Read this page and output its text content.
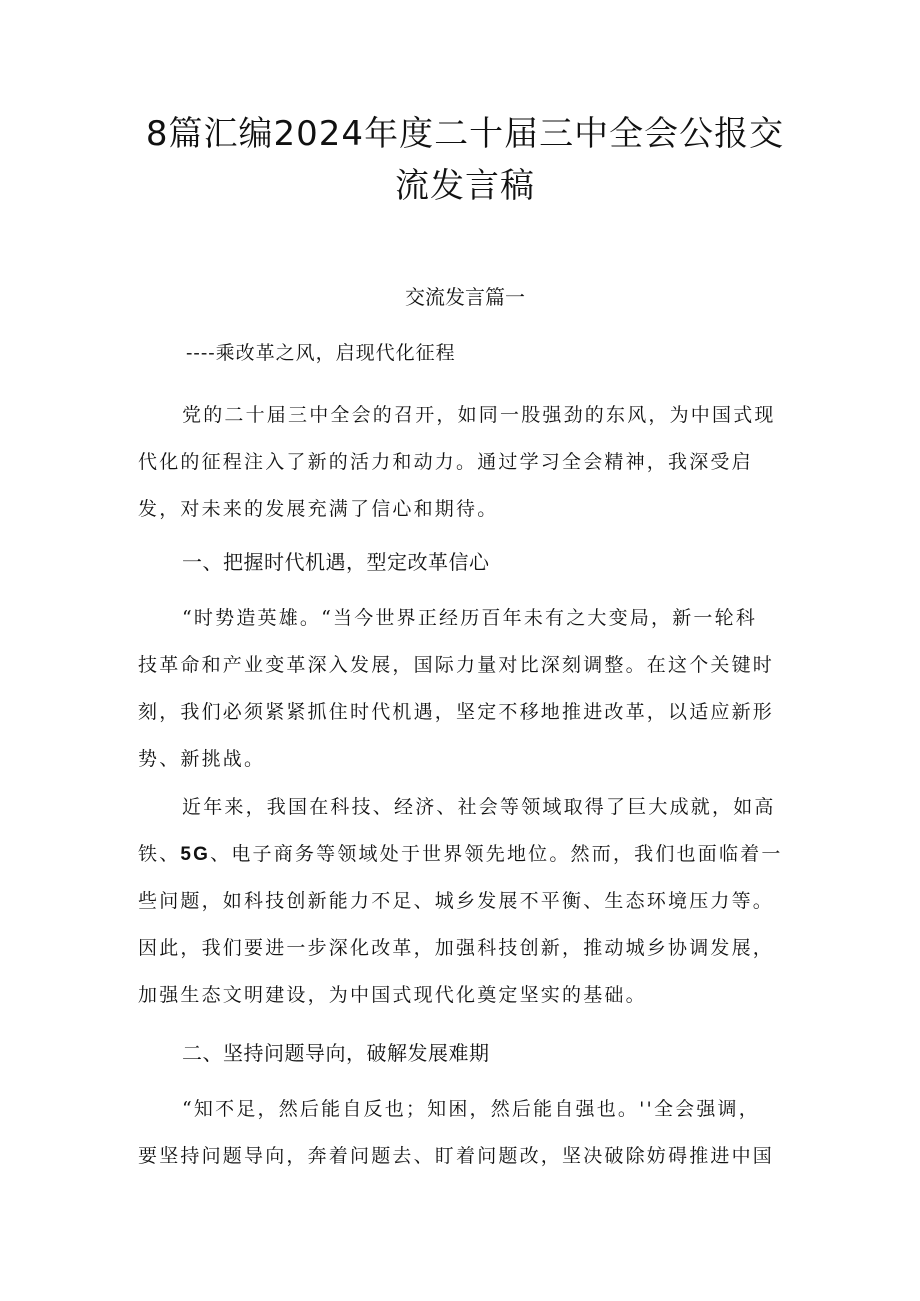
8篇汇编2024年度二十届三中全会公报交
流发言稿
交流发言篇一

----乘改革之风，启现代化征程

党的二十届三中全会的召开，如同一股强劲的东风，为中国式现
代化的征程注入了新的活力和动力。通过学习全会精神，我深受启
发，对未来的发展充满了信心和期待。

一、把握时代机遇，型定改革信心

“时势造英雄。“当今世界正经历百年未有之大变局，新一轮科
技革命和产业变革深入发展，国际力量对比深刻调整。在这个关键时
刻，我们必须紧紧抓住时代机遇，坚定不移地推进改革，以适应新形
势、新挑战。

近年来，我国在科技、经济、社会等领域取得了巨大成就，如高
铁、5G、电子商务等领域处于世界领先地位。然而，我们也面临着一
些问题，如科技创新能力不足、城乡发展不平衡、生态环境压力等。
因此，我们要进一步深化改革，加强科技创新，推动城乡协调发展，
加强生态文明建设，为中国式现代化奠定坚实的基础。

二、坚持问题导向，破解发展难期

“知不足，然后能自反也；知困，然后能自强也。''全会强调，
要坚持问题导向，奔着问题去、盯着问题改，坚决破除妨碍推进中国
